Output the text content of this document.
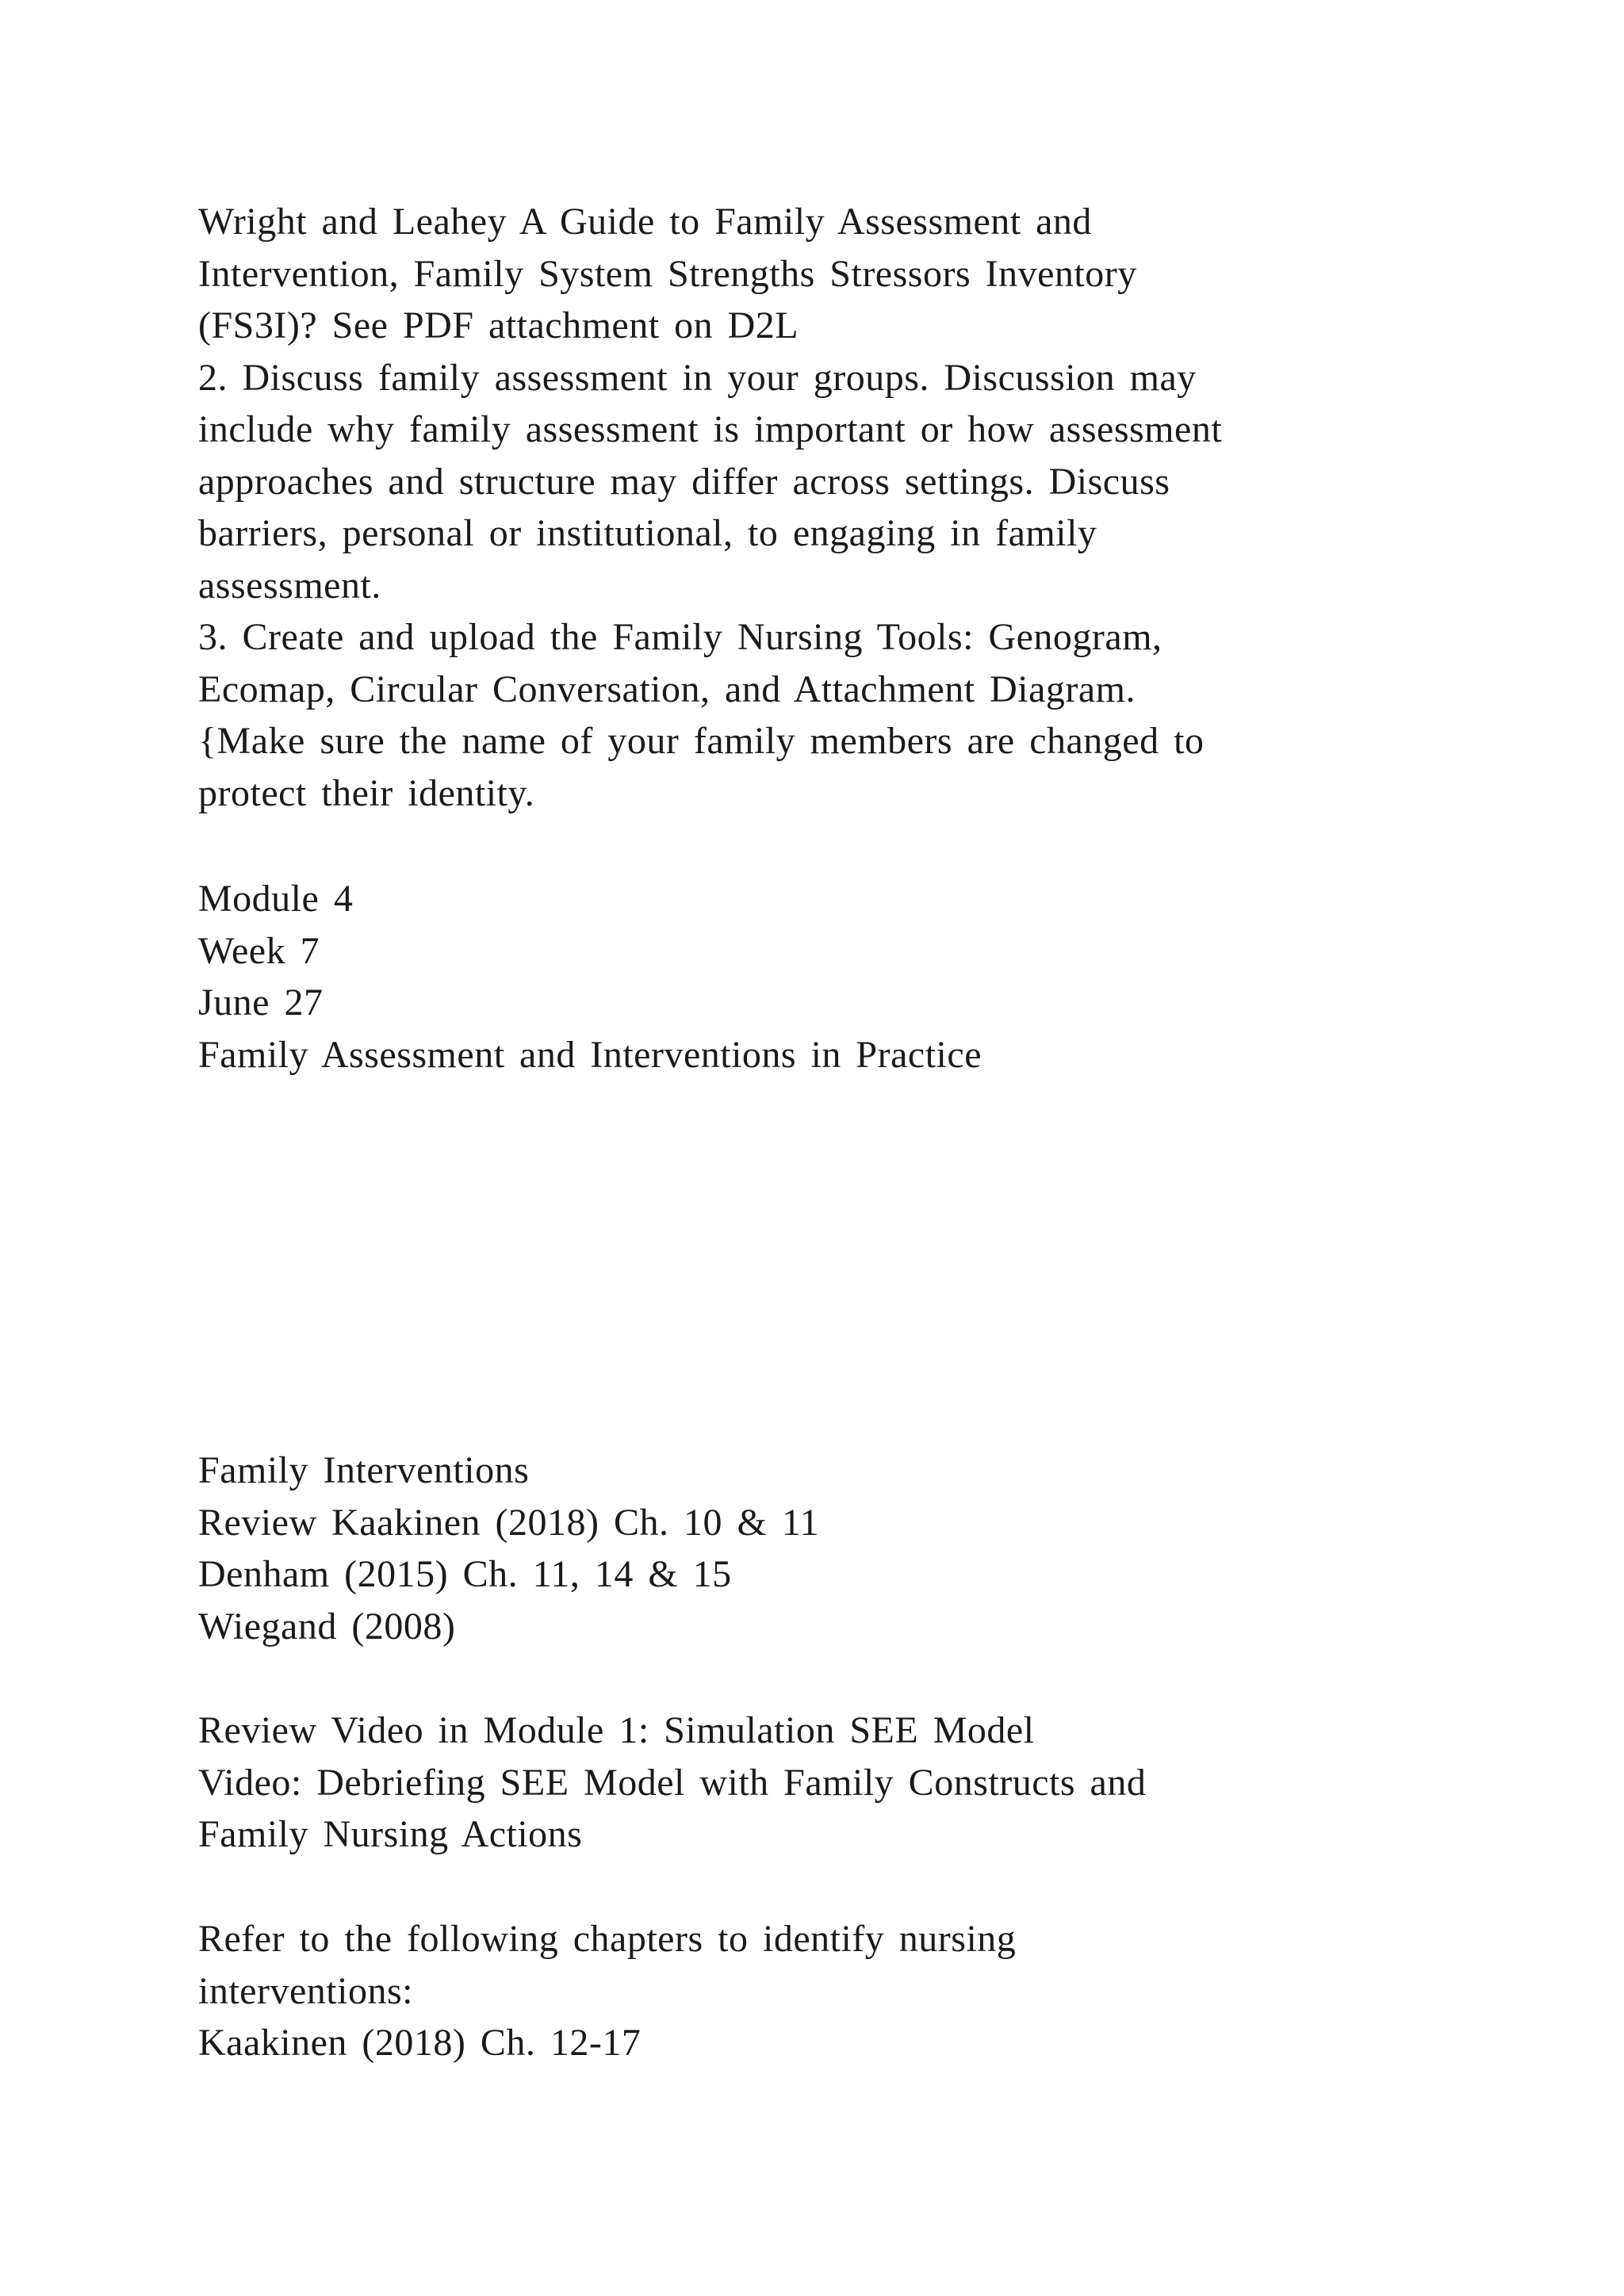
Wright and Leahey A Guide to Family Assessment and
Intervention, Family System Strengths Stressors Inventory
(FS3I)? See PDF attachment on D2L
2. Discuss family assessment in your groups. Discussion may
include why family assessment is important or how assessment
approaches and structure may differ across settings. Discuss
barriers, personal or institutional, to engaging in family
assessment.
3. Create and upload the Family Nursing Tools: Genogram,
Ecomap, Circular Conversation, and Attachment Diagram.
{Make sure the name of your family members are changed to
protect their identity.
Module 4
Week 7
June 27
Family Assessment and Interventions in Practice
Family Interventions
Review Kaakinen (2018) Ch. 10 & 11
Denham (2015) Ch. 11, 14 & 15
Wiegand (2008)
Review Video in Module 1: Simulation SEE Model
Video: Debriefing SEE Model with Family Constructs and
Family Nursing Actions
Refer to the following chapters to identify nursing
interventions:
Kaakinen (2018) Ch. 12-17
